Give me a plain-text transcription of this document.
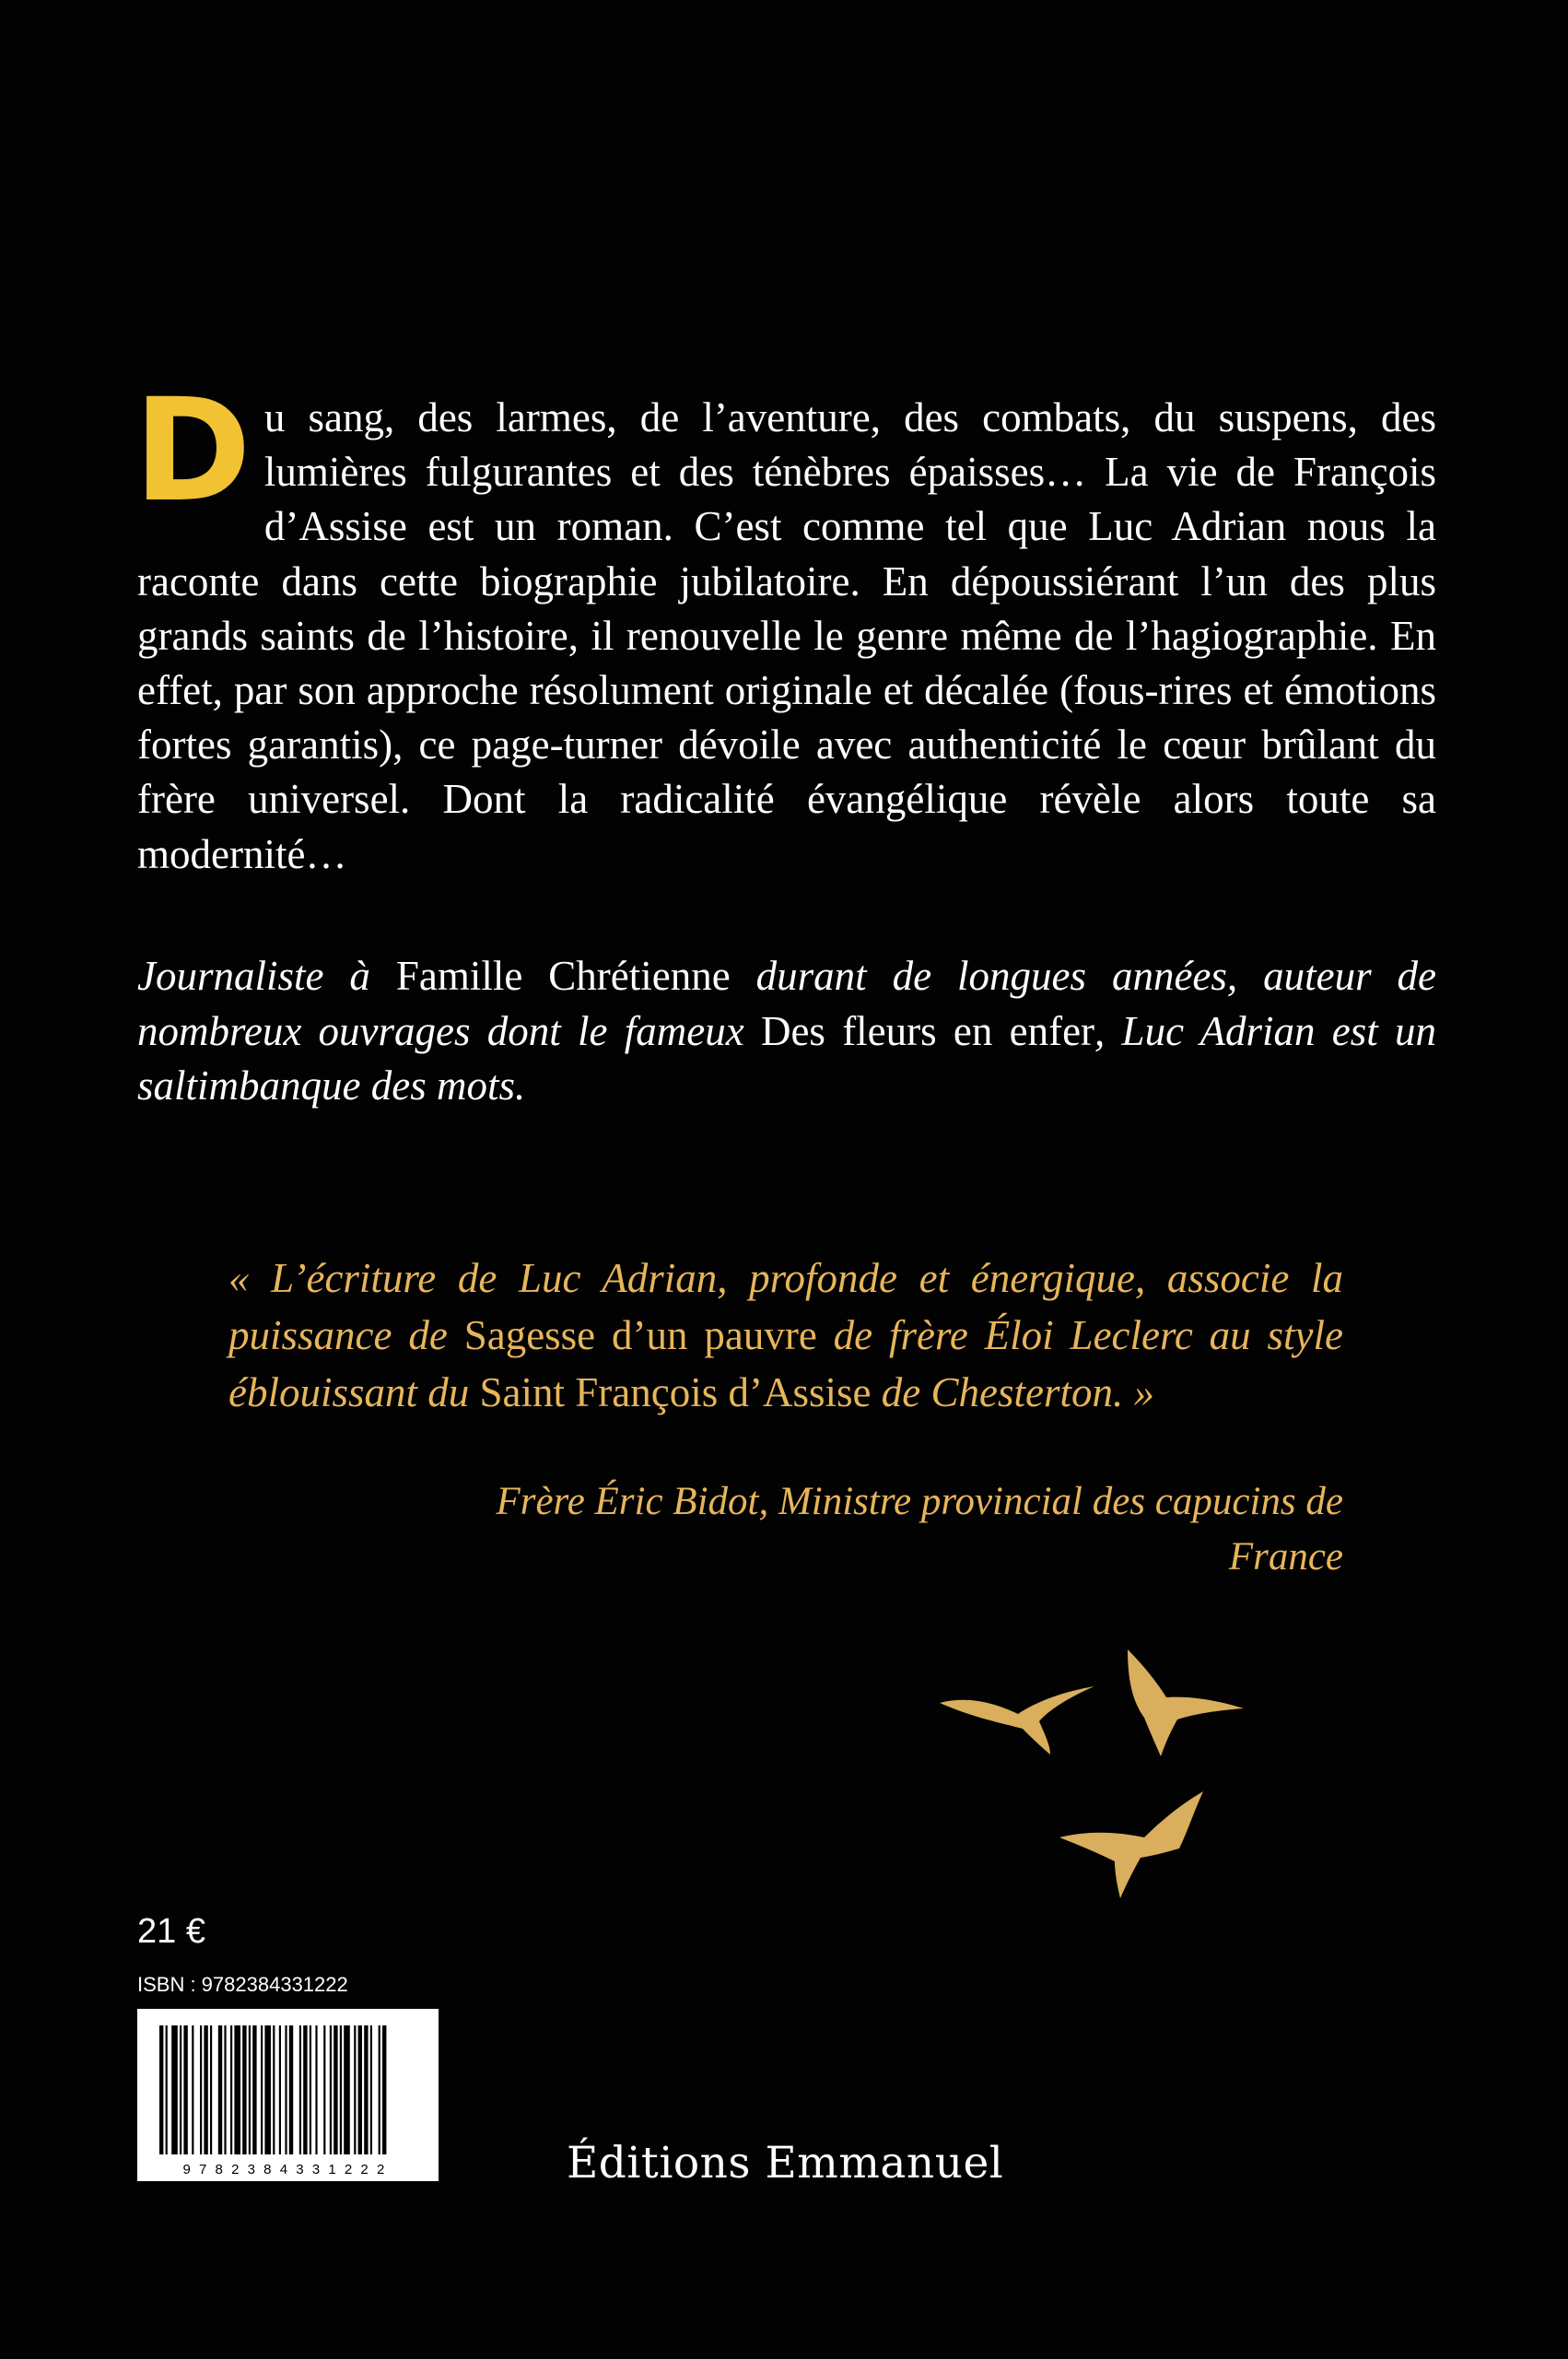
Du sang, des larmes, de l’aventure, des combats, du suspens, des lumières fulgurantes et des ténèbres épaisses… La vie de François d’Assise est un roman. C’est comme tel que Luc Adrian nous la raconte dans cette biographie jubilatoire. En dépoussiérant l’un des plus grands saints de l’histoire, il renouvelle le genre même de l’hagiographie. En effet, par son approche résolument originale et décalée (fous-rires et émotions fortes garantis), ce page-turner dévoile avec authenticité le cœur brûlant du frère universel. Dont la radicalité évangélique révèle alors toute sa modernité…

Journaliste à Famille Chrétienne durant de longues années, auteur de nombreux ouvrages dont le fameux Des fleurs en enfer, Luc Adrian est un saltimbanque des mots.

« L’écriture de Luc Adrian, profonde et énergique, associe la puissance de Sagesse d’un pauvre de frère Éloi Leclerc au style éblouissant du Saint François d’Assise de Chesterton. »

Frère Éric Bidot, Ministre provincial des capucins de France

21 €
ISBN : 9782384331222
9782384331222	Éditions Emmanuel
